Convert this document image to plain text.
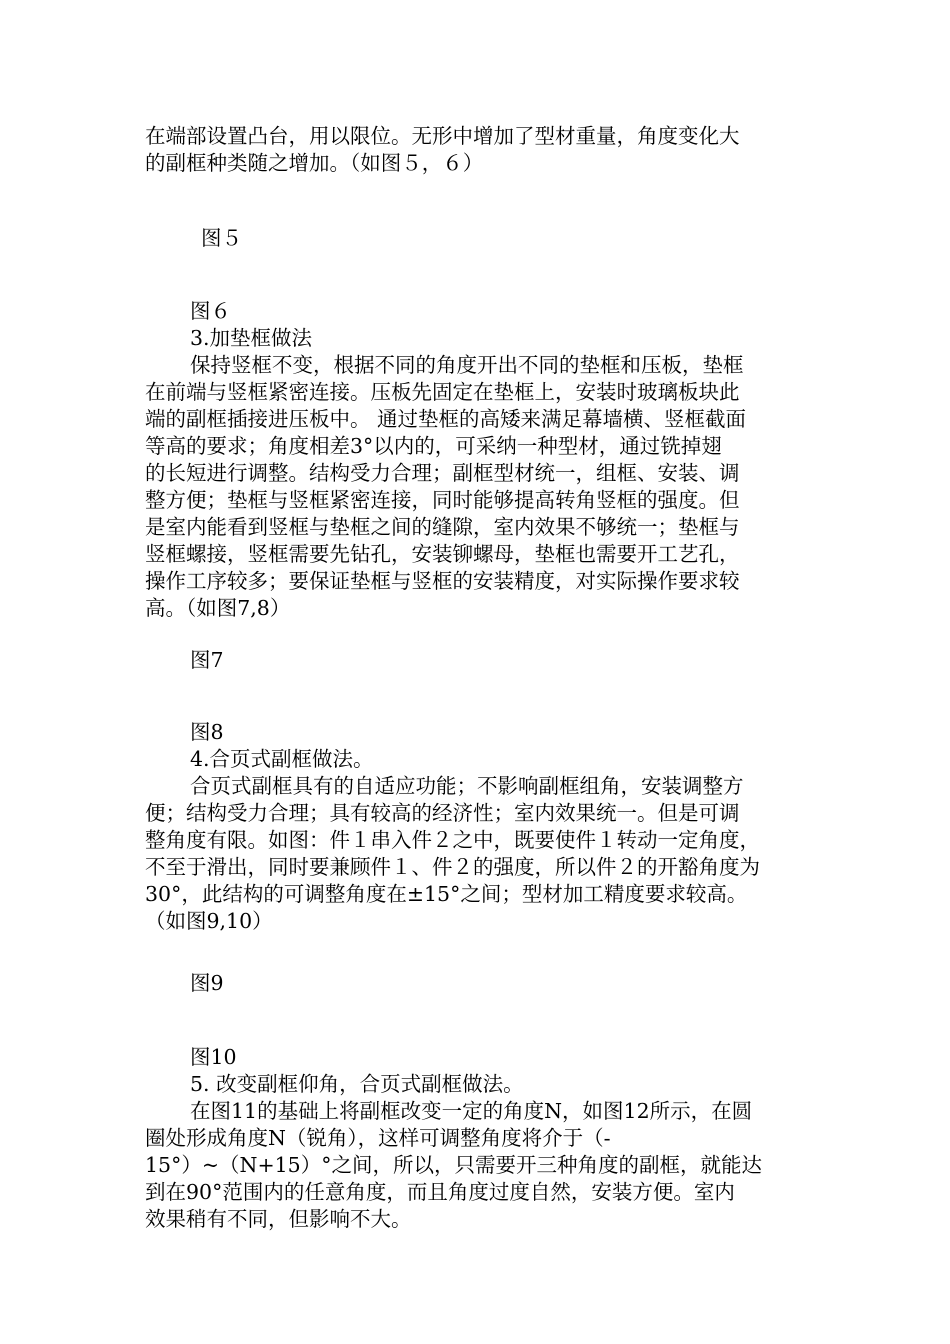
在端部设置凸台，用以限位。无形中增加了型材重量，角度变化大
的副框种类随之增加。（如图５，６）
图５
图６
3.加垫框做法
保持竖框不变，根据不同的角度开出不同的垫框和压板，垫框
在前端与竖框紧密连接。压板先固定在垫框上，安装时玻璃板块此
端的副框插接进压板中。 通过垫框的高矮来满足幕墙横、竖框截面
等高的要求；角度相差3°以内的，可采纳一种型材，通过铣掉翅
的长短进行调整。结构受力合理；副框型材统一，组框、安装、调
整方便；垫框与竖框紧密连接，同时能够提高转角竖框的强度。但
是室内能看到竖框与垫框之间的缝隙，室内效果不够统一；垫框与
竖框螺接，竖框需要先钻孔，安装铆螺母，垫框也需要开工艺孔，
操作工序较多；要保证垫框与竖框的安装精度，对实际操作要求较
高。（如图7,8）
图7
图8
4.合页式副框做法。
合页式副框具有的自适应功能；不影响副框组角，安装调整方
便；结构受力合理；具有较高的经济性；室内效果统一。但是可调
整角度有限。如图：件１串入件２之中，既要使件１转动一定角度，
不至于滑出，同时要兼顾件１、件２的强度，所以件２的开豁角度为
30°，此结构的可调整角度在±15°之间；型材加工精度要求较高。
（如图9,10）
图9
图10
5. 改变副框仰角，合页式副框做法。
在图11的基础上将副框改变一定的角度N，如图12所示，在圆
圈处形成角度N（锐角），这样可调整角度将介于（-
15°）~（N+15）°之间，所以，只需要开三种角度的副框，就能达
到在90°范围内的任意角度，而且角度过度自然，安装方便。室内
效果稍有不同，但影响不大。
